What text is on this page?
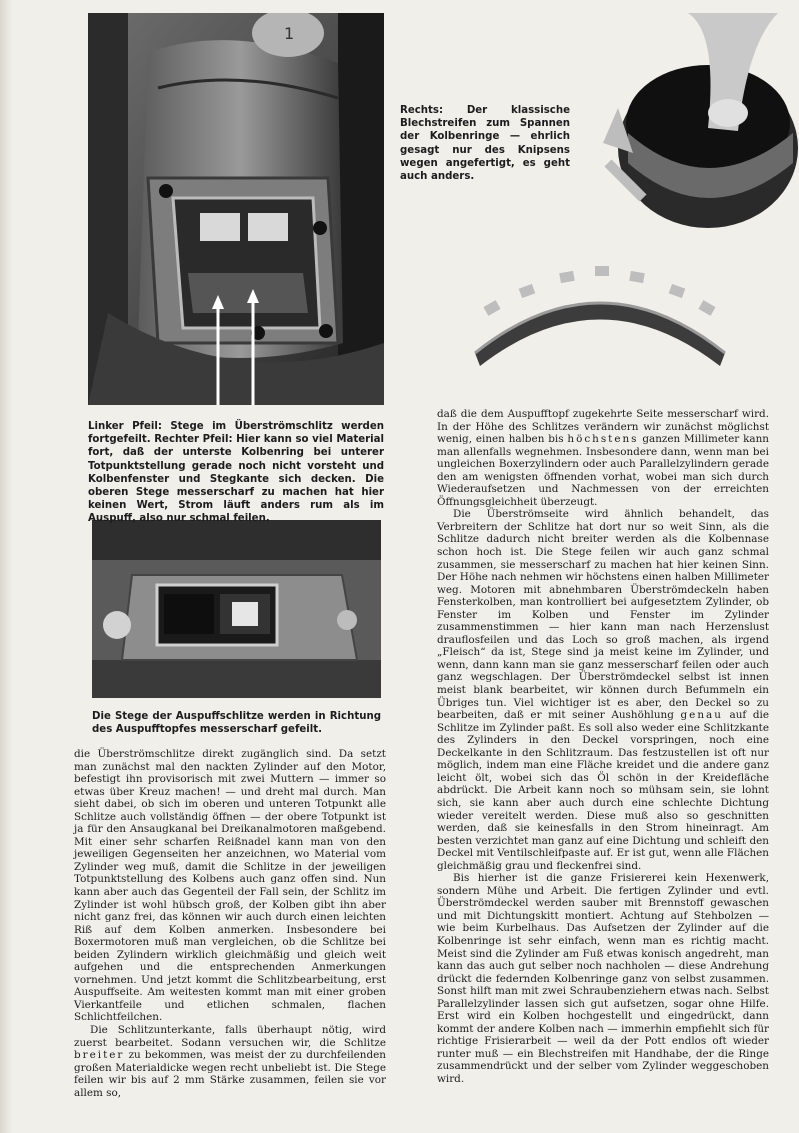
1

Rechts: Der klassische Blechstreifen zum Spannen der Kolbenringe — ehrlich gesagt nur des Knipsens wegen angefertigt, es geht auch anders.

Linker Pfeil: Stege im Überströmschlitz werden fortgefeilt. Rechter Pfeil: Hier kann so viel Material fort, daß der unterste Kolbenring bei unterer Totpunktstellung gerade noch nicht vorsteht und Kolbenfenster und Stegkante sich decken. Die oberen Stege messerscharf zu machen hat hier keinen Wert, Strom läuft anders rum als im Auspuff, also nur schmal feilen.

Die Stege der Auspuffschlitze werden in Richtung des Auspufftopfes messerscharf gefeilt.

die Überströmschlitze direkt zugänglich sind. Da setzt man zunächst mal den nackten Zylinder auf den Motor, befestigt ihn provisorisch mit zwei Muttern — immer so etwas über Kreuz machen! — und dreht mal durch. Man sieht dabei, ob sich im oberen und unteren Totpunkt alle Schlitze auch vollständig öffnen — der obere Totpunkt ist ja für den Ansaugkanal bei Dreikanalmotoren maßgebend. Mit einer sehr scharfen Reißnadel kann man von den jeweiligen Gegenseiten her anzeichnen, wo Material vom Zylinder weg muß, damit die Schlitze in der jeweiligen Totpunktstellung des Kolbens auch ganz offen sind. Nun kann aber auch das Gegenteil der Fall sein, der Schlitz im Zylinder ist wohl hübsch groß, der Kolben gibt ihn aber nicht ganz frei, das können wir auch durch einen leichten Riß auf dem Kolben anmerken. Insbesondere bei Boxermotoren muß man vergleichen, ob die Schlitze bei beiden Zylindern wirklich gleichmäßig und gleich weit aufgehen und die entsprechenden Anmerkungen vornehmen. Und jetzt kommt die Schlitzbearbeitung, erst Auspuffseite. Am weitesten kommt man mit einer groben Vierkantfeile und etlichen schmalen, flachen Schlichtfeilchen.

Die Schlitzunterkante, falls überhaupt nötig, wird zuerst bearbeitet. Sodann versuchen wir, die Schlitze breiter zu bekommen, was meist der zu durchfeilenden großen Materialdicke wegen recht unbeliebt ist. Die Stege feilen wir bis auf 2 mm Stärke zusammen, feilen sie vor allem so,

daß die dem Auspufftopf zugekehrte Seite messerscharf wird. In der Höhe des Schlitzes verändern wir zunächst möglichst wenig, einen halben bis höchstens ganzen Millimeter kann man allenfalls wegnehmen. Insbesondere dann, wenn man bei ungleichen Boxerzylindern oder auch Parallelzylindern gerade den am wenigsten öffnenden vorhat, wobei man sich durch Wiederaufsetzen und Nachmessen von der erreichten Öffnungsgleichheit überzeugt.

Die Überströmseite wird ähnlich behandelt, das Verbreitern der Schlitze hat dort nur so weit Sinn, als die Schlitze dadurch nicht breiter werden als die Kolbennase schon hoch ist. Die Stege feilen wir auch ganz schmal zusammen, sie messerscharf zu machen hat hier keinen Sinn. Der Höhe nach nehmen wir höchstens einen halben Millimeter weg. Motoren mit abnehmbaren Überströmdeckeln haben Fensterkolben, man kontrolliert bei aufgesetztem Zylinder, ob Fenster im Kolben und Fenster im Zylinder zusammenstimmen — hier kann man nach Herzenslust drauflosfeilen und das Loch so groß machen, als irgend „Fleisch“ da ist, Stege sind ja meist keine im Zylinder, und wenn, dann kann man sie ganz messerscharf feilen oder auch ganz wegschlagen. Der Überströmdeckel selbst ist innen meist blank bearbeitet, wir können durch Befummeln ein Übriges tun. Viel wichtiger ist es aber, den Deckel so zu bearbeiten, daß er mit seiner Aushöhlung genau auf die Schlitze im Zylinder paßt. Es soll also weder eine Schlitzkante des Zylinders in den Deckel vorspringen, noch eine Deckelkante in den Schlitzraum. Das festzustellen ist oft nur möglich, indem man eine Fläche kreidet und die andere ganz leicht ölt, wobei sich das Öl schön in der Kreidefläche abdrückt. Die Arbeit kann noch so mühsam sein, sie lohnt sich, sie kann aber auch durch eine schlechte Dichtung wieder vereitelt werden. Diese muß also so geschnitten werden, daß sie keinesfalls in den Strom hineinragt. Am besten verzichtet man ganz auf eine Dichtung und schleift den Deckel mit Ventilschleifpaste auf. Er ist gut, wenn alle Flächen gleichmäßig grau und fleckenfrei sind.

Bis hierher ist die ganze Frisiererei kein Hexenwerk, sondern Mühe und Arbeit. Die fertigen Zylinder und evtl. Überströmdeckel werden sauber mit Brennstoff gewaschen und mit Dichtungskitt montiert. Achtung auf Stehbolzen — wie beim Kurbelhaus. Das Aufsetzen der Zylinder auf die Kolbenringe ist sehr einfach, wenn man es richtig macht. Meist sind die Zylinder am Fuß etwas konisch angedreht, man kann das auch gut selber noch nachholen — diese Andrehung drückt die federnden Kolbenringe ganz von selbst zusammen. Sonst hilft man mit zwei Schraubenziehern etwas nach. Selbst Parallelzylinder lassen sich gut aufsetzen, sogar ohne Hilfe. Erst wird ein Kolben hochgestellt und eingedrückt, dann kommt der andere Kolben nach — immerhin empfiehlt sich für richtige Frisierarbeit — weil da der Pott endlos oft wieder runter muß — ein Blechstreifen mit Handhabe, der die Ringe zusammendrückt und der selber vom Zylinder weggeschoben wird.
